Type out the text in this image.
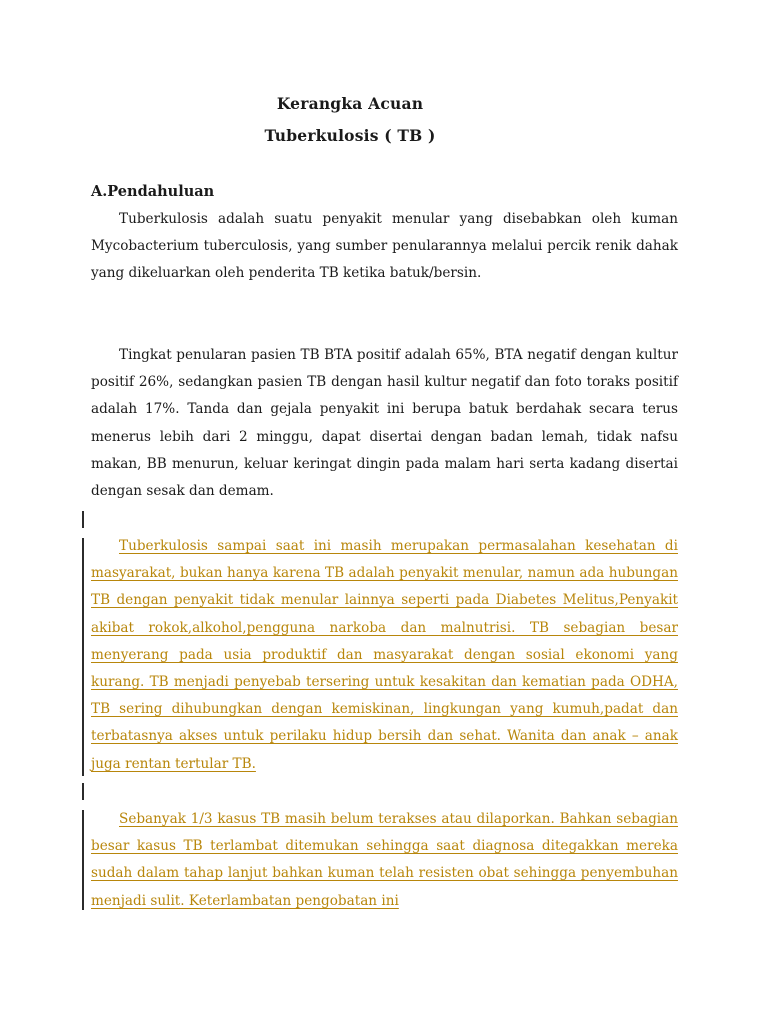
Kerangka Acuan
Tuberkulosis ( TB )
A.Pendahuluan

Tuberkulosis adalah suatu penyakit menular yang disebabkan oleh kuman Mycobacterium tuberculosis, yang sumber penularannya melalui percik renik dahak yang dikeluarkan oleh penderita TB ketika batuk/bersin.

Tingkat penularan pasien TB BTA positif adalah 65%, BTA negatif dengan kultur positif 26%, sedangkan pasien TB dengan hasil kultur negatif dan foto toraks positif adalah 17%. Tanda dan gejala penyakit ini berupa batuk berdahak secara terus menerus lebih dari 2 minggu, dapat disertai dengan badan lemah, tidak nafsu makan, BB menurun, keluar keringat dingin pada malam hari serta kadang disertai dengan sesak dan demam.

Tuberkulosis sampai saat ini masih merupakan permasalahan kesehatan di masyarakat, bukan hanya karena TB adalah penyakit menular, namun ada hubungan TB dengan penyakit tidak menular lainnya seperti pada Diabetes Melitus,Penyakit akibat rokok,alkohol,pengguna narkoba dan malnutrisi. TB sebagian besar menyerang pada usia produktif dan masyarakat dengan sosial ekonomi yang kurang. TB menjadi penyebab tersering untuk kesakitan dan kematian pada ODHA, TB sering dihubungkan dengan kemiskinan, lingkungan yang kumuh,padat dan terbatasnya akses untuk perilaku hidup bersih dan sehat. Wanita dan anak – anak juga rentan tertular TB.

Sebanyak 1/3 kasus TB masih belum terakses atau dilaporkan. Bahkan sebagian besar kasus TB terlambat ditemukan sehingga saat diagnosa ditegakkan mereka sudah dalam tahap lanjut bahkan kuman telah resisten obat sehingga penyembuhan menjadi sulit. Keterlambatan pengobatan ini
